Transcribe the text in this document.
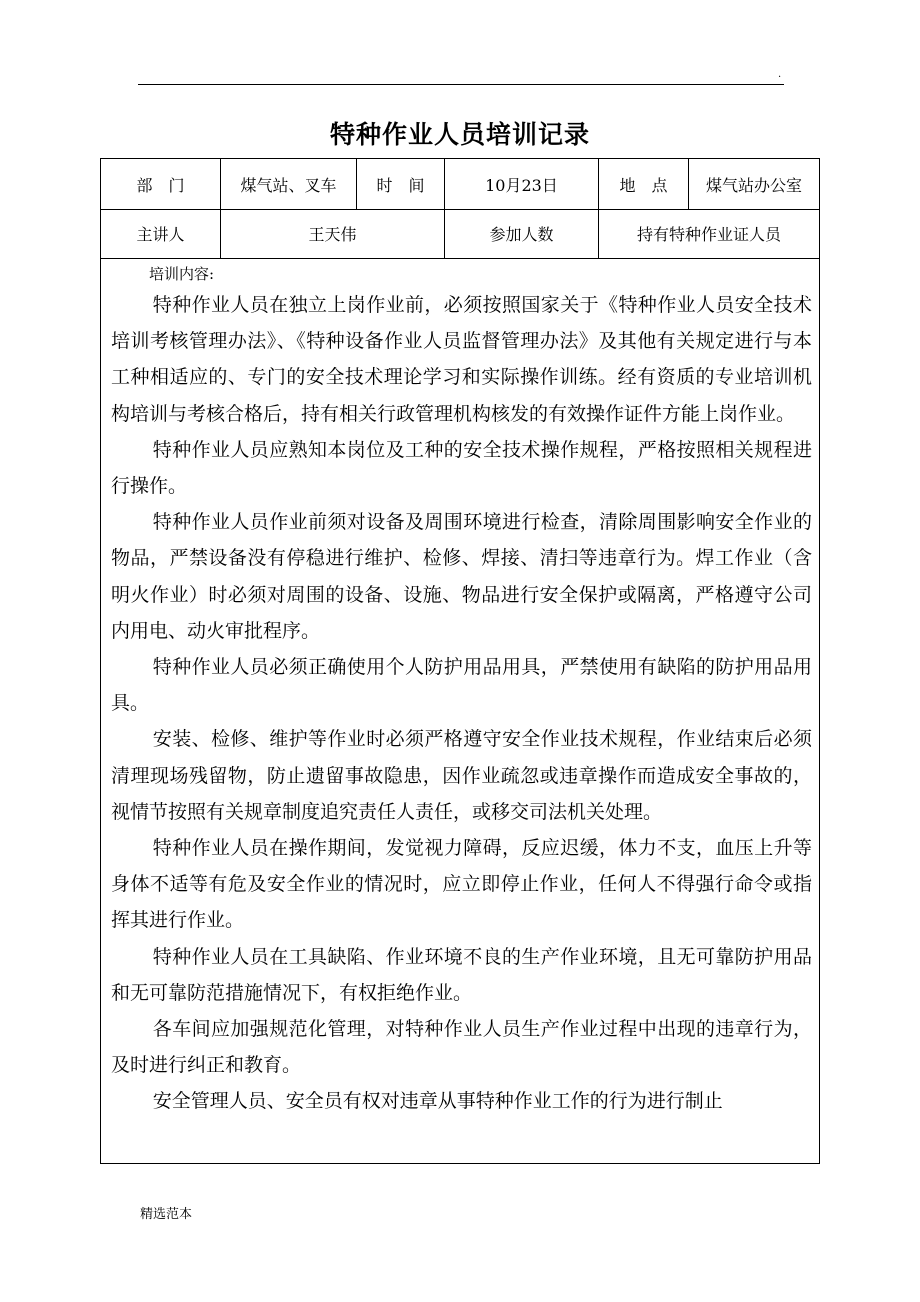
.
特种作业人员培训记录
部　门	煤气站、叉车	时　间	10月23日	地　点	煤气站办公室
主讲人	王天伟	参加人数	持有特种作业证人员
培训内容:

特种作业人员在独立上岗作业前，必须按照国家关于《特种作业人员安全技术培训考核管理办法》、《特种设备作业人员监督管理办法》及其他有关规定进行与本工种相适应的、专门的安全技术理论学习和实际操作训练。经有资质的专业培训机构培训与考核合格后，持有相关行政管理机构核发的有效操作证件方能上岗作业。

特种作业人员应熟知本岗位及工种的安全技术操作规程，严格按照相关规程进行操作。

特种作业人员作业前须对设备及周围环境进行检查，清除周围影响安全作业的物品，严禁设备没有停稳进行维护、检修、焊接、清扫等违章行为。焊工作业（含明火作业）时必须对周围的设备、设施、物品进行安全保护或隔离，严格遵守公司内用电、动火审批程序。

特种作业人员必须正确使用个人防护用品用具，严禁使用有缺陷的防护用品用具。

安装、检修、维护等作业时必须严格遵守安全作业技术规程，作业结束后必须清理现场残留物，防止遗留事故隐患，因作业疏忽或违章操作而造成安全事故的，视情节按照有关规章制度追究责任人责任，或移交司法机关处理。

特种作业人员在操作期间，发觉视力障碍，反应迟缓，体力不支，血压上升等身体不适等有危及安全作业的情况时，应立即停止作业，任何人不得强行命令或指挥其进行作业。

特种作业人员在工具缺陷、作业环境不良的生产作业环境，且无可靠防护用品和无可靠防范措施情况下，有权拒绝作业。

各车间应加强规范化管理，对特种作业人员生产作业过程中出现的违章行为，及时进行纠正和教育。

安全管理人员、安全员有权对违章从事特种作业工作的行为进行制止

精选范本
